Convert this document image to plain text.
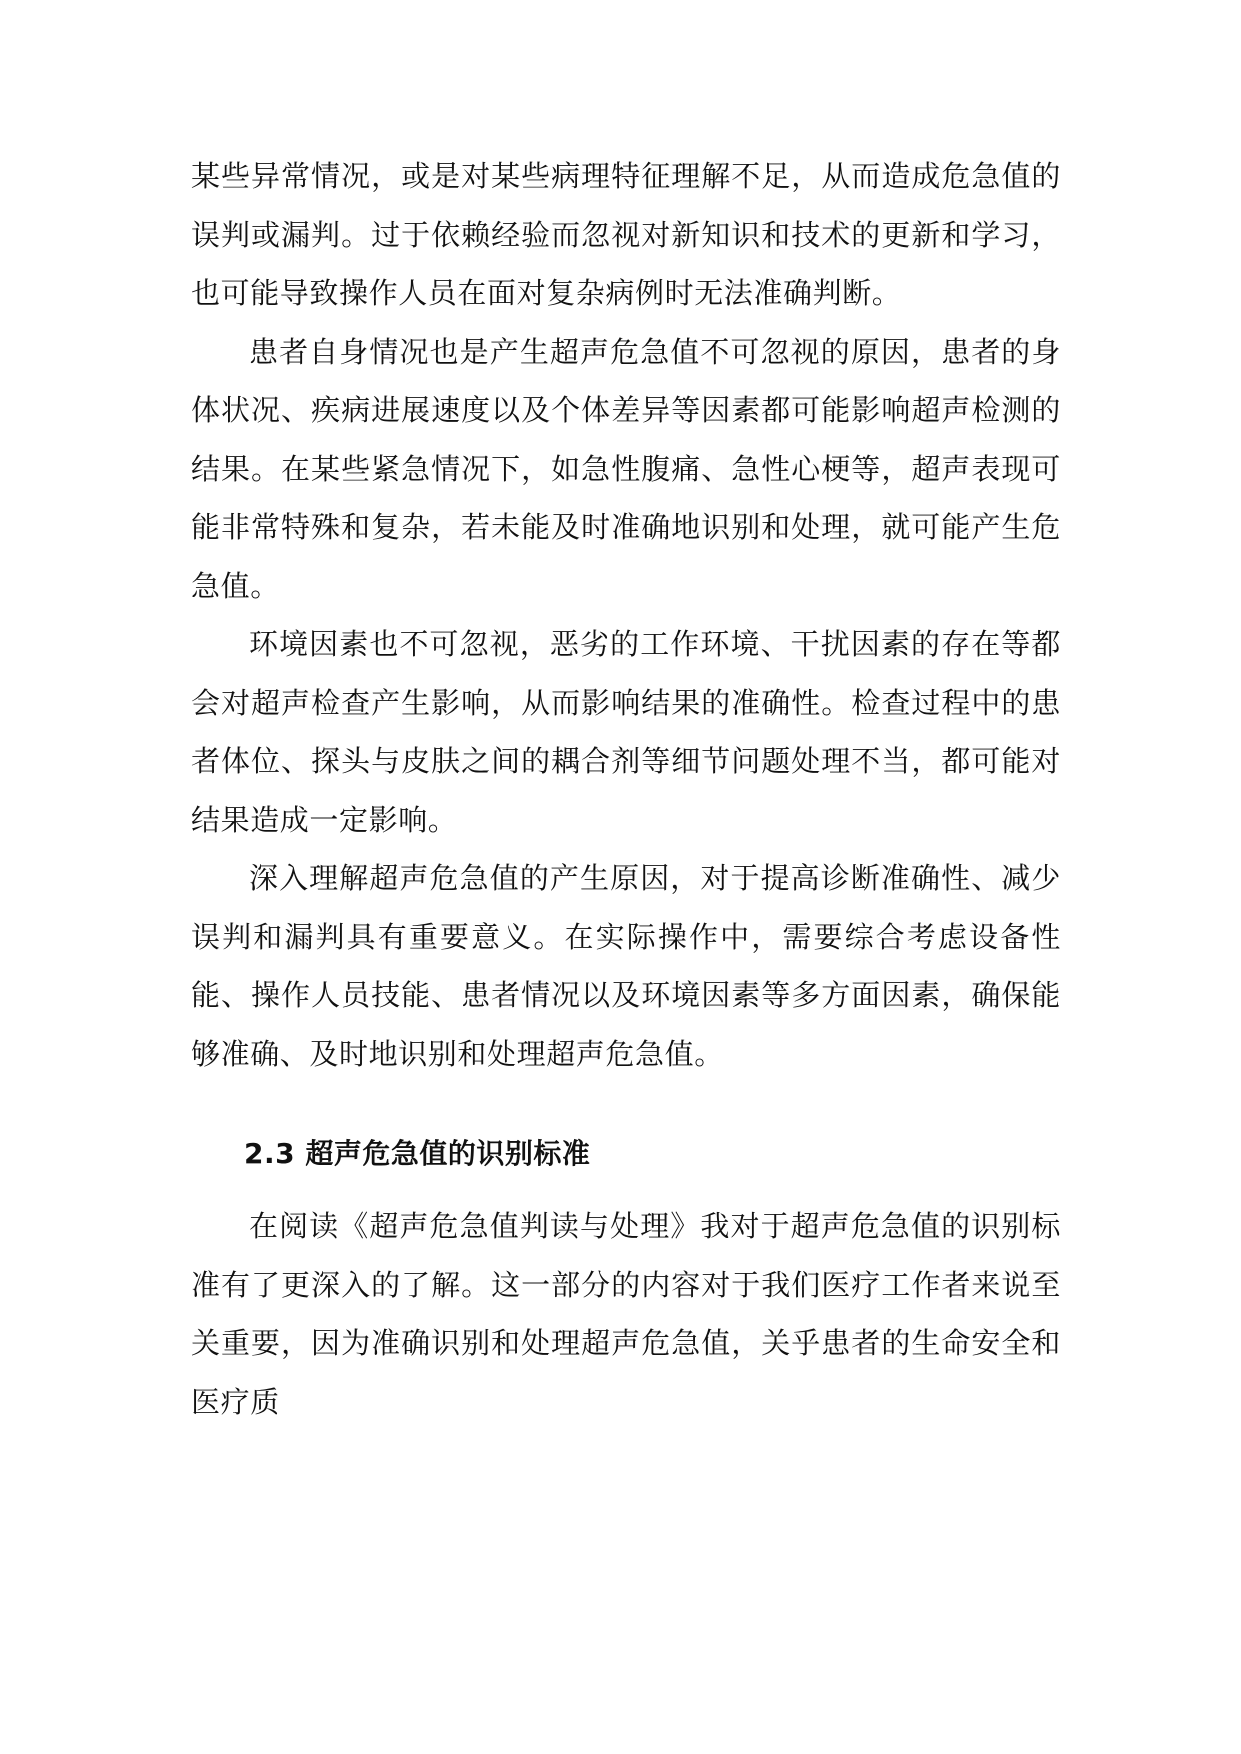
某些异常情况，或是对某些病理特征理解不足，从而造成危急值的误判或漏判。过于依赖经验而忽视对新知识和技术的更新和学习，也可能导致操作人员在面对复杂病例时无法准确判断。

患者自身情况也是产生超声危急值不可忽视的原因，患者的身体状况、疾病进展速度以及个体差异等因素都可能影响超声检测的结果。在某些紧急情况下，如急性腹痛、急性心梗等，超声表现可能非常特殊和复杂，若未能及时准确地识别和处理，就可能产生危急值。

环境因素也不可忽视，恶劣的工作环境、干扰因素的存在等都会对超声检查产生影响，从而影响结果的准确性。检查过程中的患者体位、探头与皮肤之间的耦合剂等细节问题处理不当，都可能对结果造成一定影响。

深入理解超声危急值的产生原因，对于提高诊断准确性、减少误判和漏判具有重要意义。在实际操作中，需要综合考虑设备性能、操作人员技能、患者情况以及环境因素等多方面因素，确保能够准确、及时地识别和处理超声危急值。

2.3 超声危急值的识别标准

在阅读《超声危急值判读与处理》我对于超声危急值的识别标准有了更深入的了解。这一部分的内容对于我们医疗工作者来说至关重要，因为准确识别和处理超声危急值，关乎患者的生命安全和医疗质
